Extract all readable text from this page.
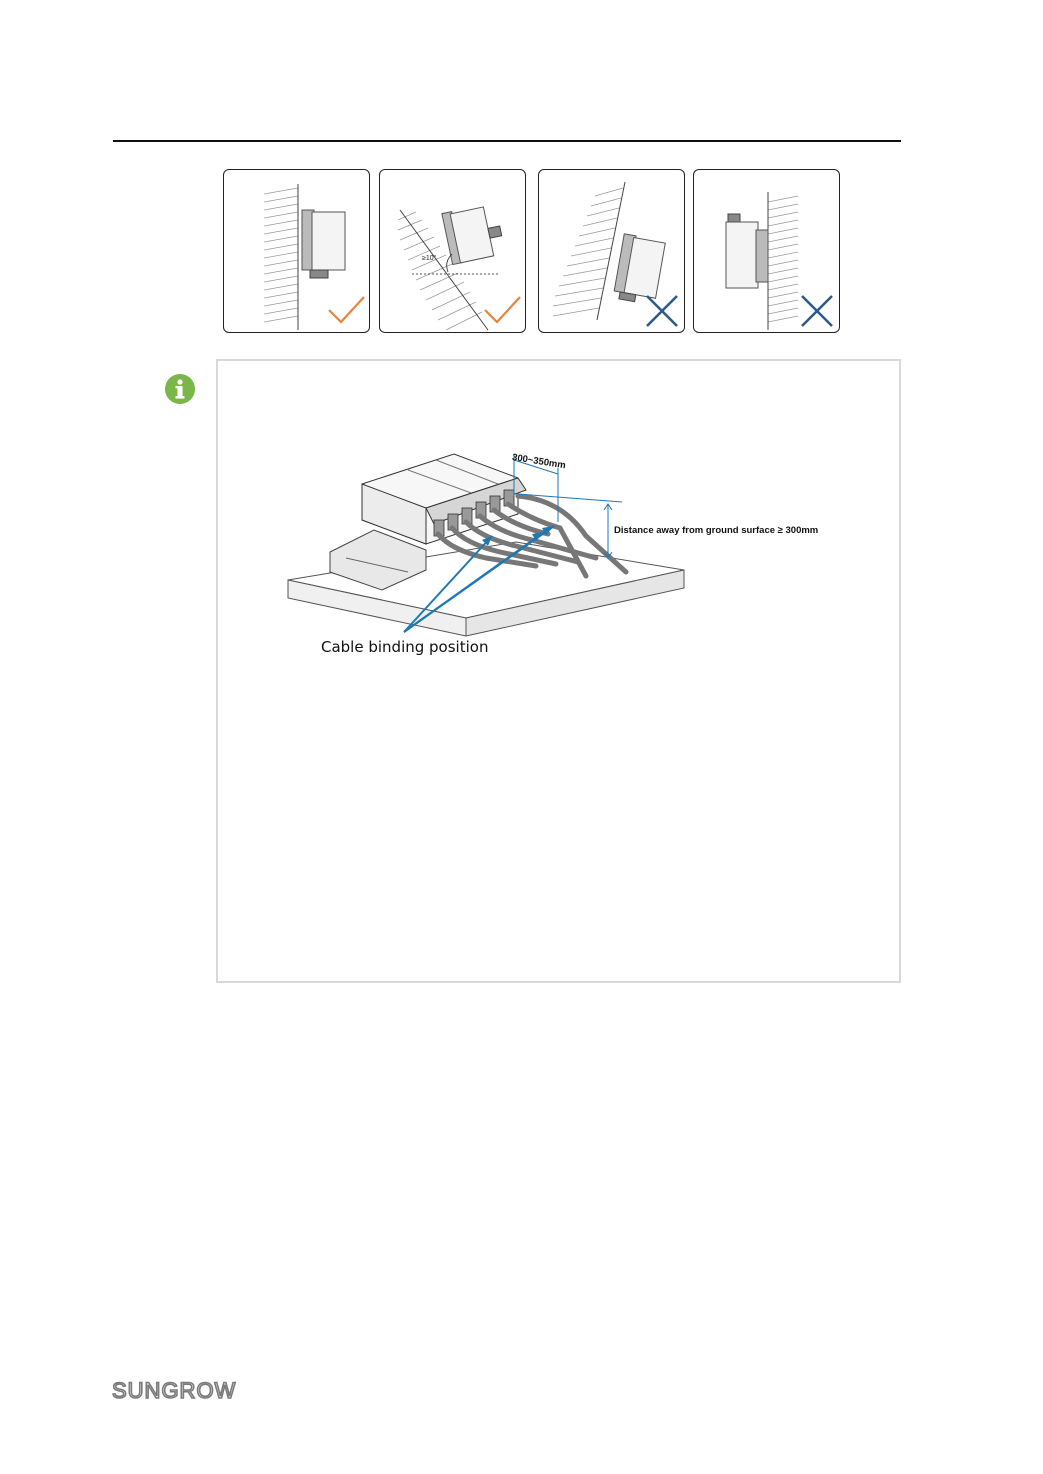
≥10°
300~350mm
Distance away from ground surface ≥ 300mm
Cable binding position
SUNGROW
